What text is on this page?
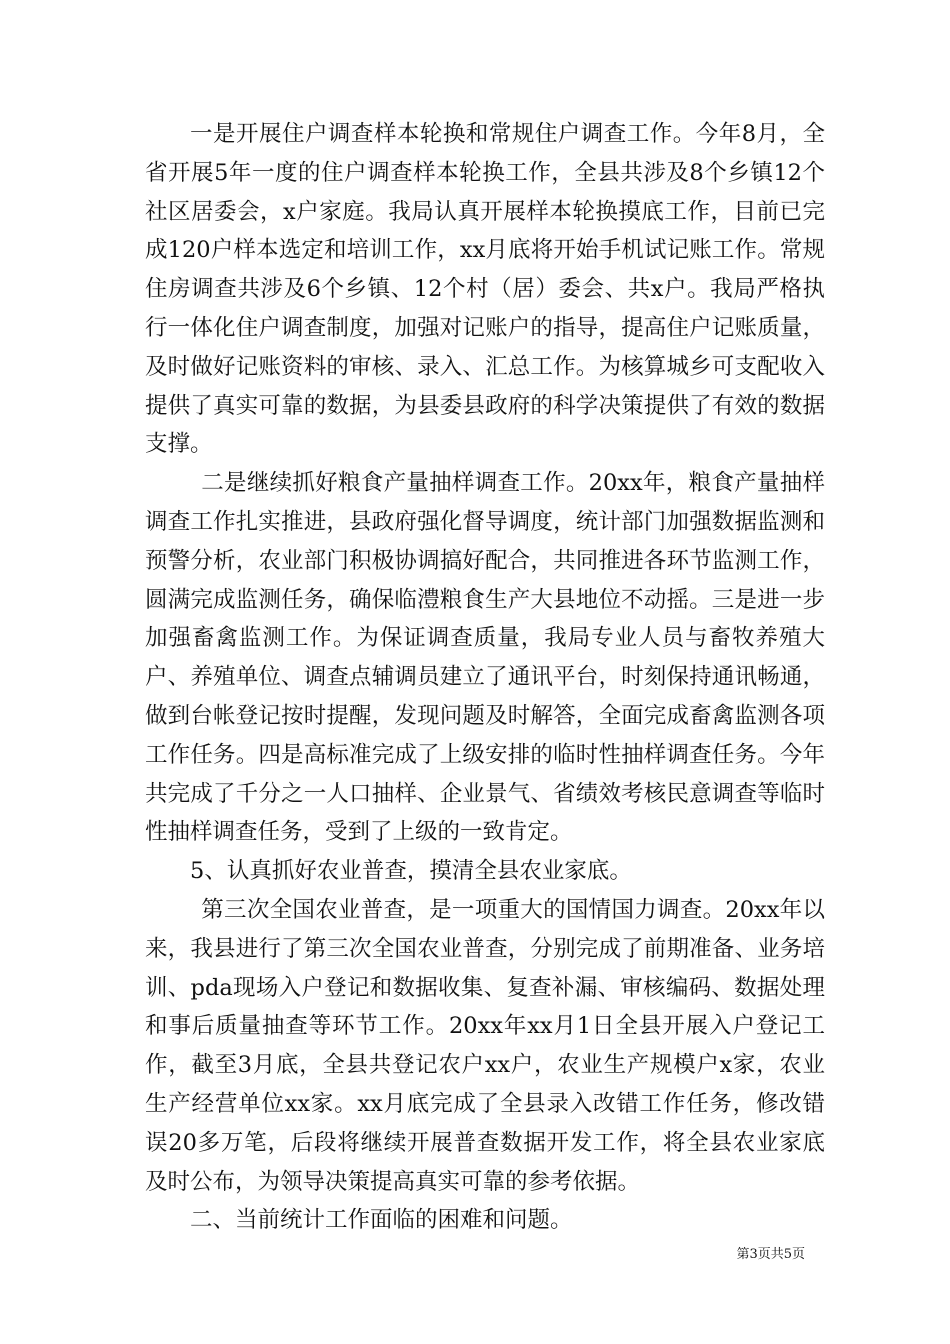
一是开展住户调查样本轮换和常规住户调查工作。今年8月，全省开展5年一度的住户调查样本轮换工作，全县共涉及8个乡镇12个社区居委会，x户家庭。我局认真开展样本轮换摸底工作，目前已完成120户样本选定和培训工作，xx月底将开始手机试记账工作。常规住房调查共涉及6个乡镇、12个村（居）委会、共x户。我局严格执行一体化住户调查制度，加强对记账户的指导，提高住户记账质量，及时做好记账资料的审核、录入、汇总工作。为核算城乡可支配收入提供了真实可靠的数据，为县委县政府的科学决策提供了有效的数据支撑。

二是继续抓好粮食产量抽样调查工作。20xx年，粮食产量抽样调查工作扎实推进，县政府强化督导调度，统计部门加强数据监测和预警分析，农业部门积极协调搞好配合，共同推进各环节监测工作，圆满完成监测任务，确保临澧粮食生产大县地位不动摇。三是进一步加强畜禽监测工作。为保证调查质量，我局专业人员与畜牧养殖大户、养殖单位、调查点辅调员建立了通讯平台，时刻保持通讯畅通，做到台帐登记按时提醒，发现问题及时解答，全面完成畜禽监测各项工作任务。四是高标准完成了上级安排的临时性抽样调查任务。今年共完成了千分之一人口抽样、企业景气、省绩效考核民意调查等临时性抽样调查任务，受到了上级的一致肯定。

5、认真抓好农业普查，摸清全县农业家底。

第三次全国农业普查，是一项重大的国情国力调查。20xx年以来，我县进行了第三次全国农业普查，分别完成了前期准备、业务培训、pda现场入户登记和数据收集、复查补漏、审核编码、数据处理和事后质量抽查等环节工作。20xx年xx月1日全县开展入户登记工作，截至3月底，全县共登记农户xx户，农业生产规模户x家，农业生产经营单位xx家。xx月底完成了全县录入改错工作任务，修改错误20多万笔，后段将继续开展普查数据开发工作，将全县农业家底及时公布，为领导决策提高真实可靠的参考依据。

二、当前统计工作面临的困难和问题。

第3页共5页
